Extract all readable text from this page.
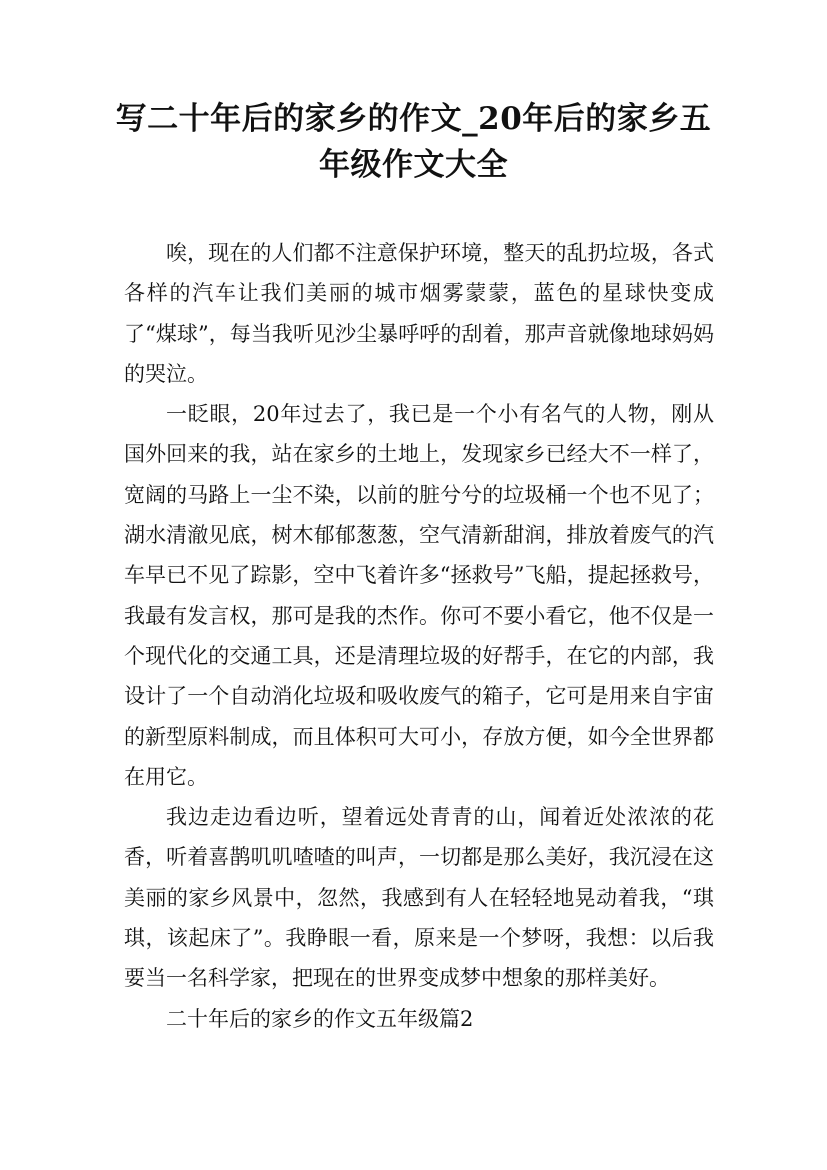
写二十年后的家乡的作文_20年后的家乡五年级作文大全

唉，现在的人们都不注意保护环境，整天的乱扔垃圾，各式各样的汽车让我们美丽的城市烟雾蒙蒙，蓝色的星球快变成了“煤球”，每当我听见沙尘暴呼呼的刮着，那声音就像地球妈妈的哭泣。

一眨眼，20年过去了，我已是一个小有名气的人物，刚从国外回来的我，站在家乡的土地上，发现家乡已经大不一样了，宽阔的马路上一尘不染，以前的脏兮兮的垃圾桶一个也不见了；湖水清澈见底，树木郁郁葱葱，空气清新甜润，排放着废气的汽车早已不见了踪影，空中飞着许多“拯救号”飞船，提起拯救号，我最有发言权，那可是我的杰作。你可不要小看它，他不仅是一个现代化的交通工具，还是清理垃圾的好帮手，在它的内部，我设计了一个自动消化垃圾和吸收废气的箱子，它可是用来自宇宙的新型原料制成，而且体积可大可小，存放方便，如今全世界都在用它。

我边走边看边听，望着远处青青的山，闻着近处浓浓的花香，听着喜鹊叽叽喳喳的叫声，一切都是那么美好，我沉浸在这美丽的家乡风景中，忽然，我感到有人在轻轻地晃动着我，“琪琪，该起床了”。我睁眼一看，原来是一个梦呀，我想：以后我要当一名科学家，把现在的世界变成梦中想象的那样美好。

二十年后的家乡的作文五年级篇2
